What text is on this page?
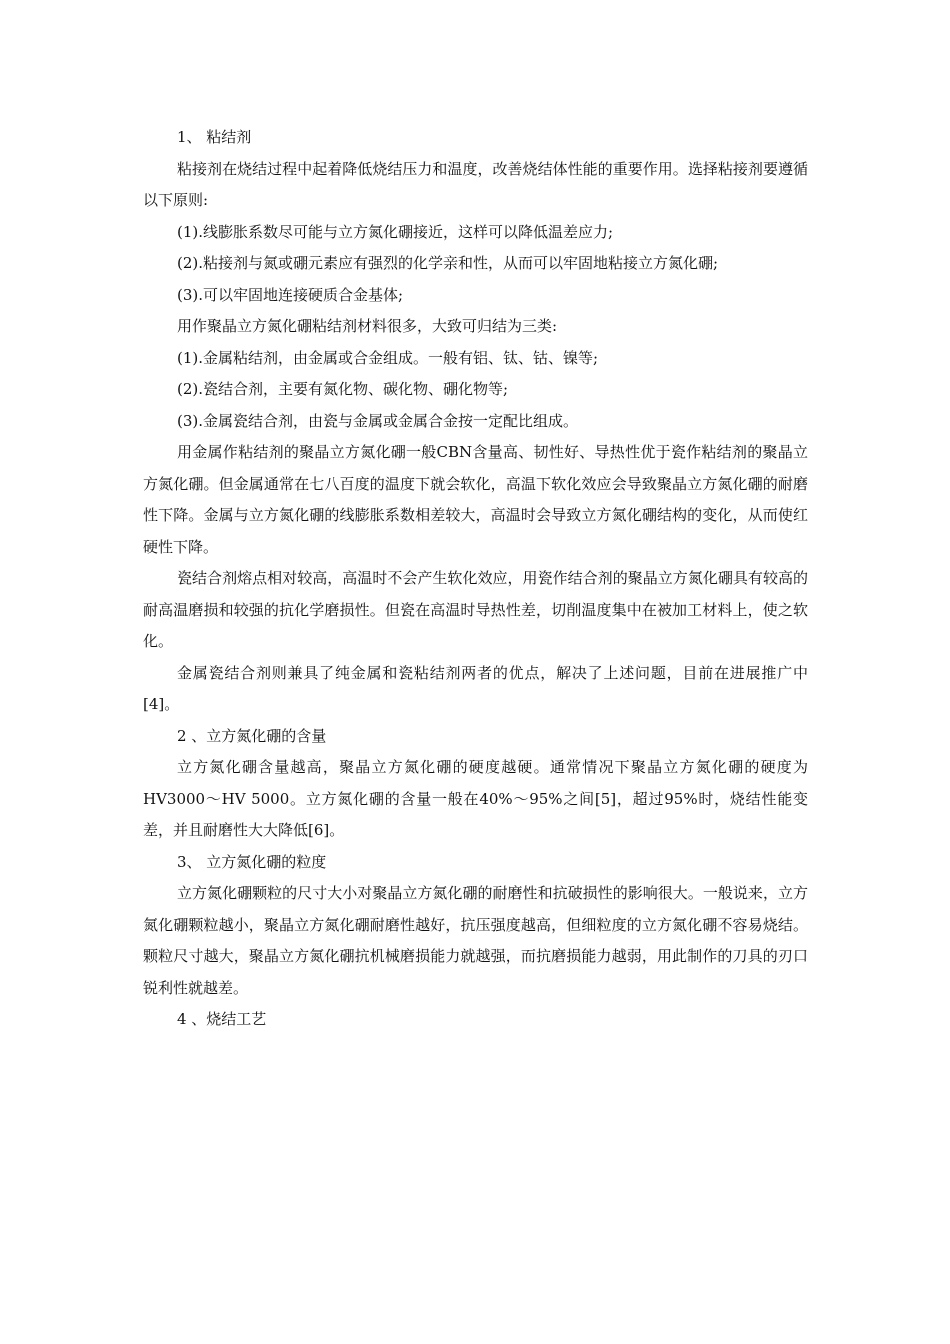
1、 粘结剂

粘接剂在烧结过程中起着降低烧结压力和温度，改善烧结体性能的重要作用。选择粘接剂要遵循以下原则:

(1).线膨胀系数尽可能与立方氮化硼接近，这样可以降低温差应力;

(2).粘接剂与氮或硼元素应有强烈的化学亲和性，从而可以牢固地粘接立方氮化硼;

(3).可以牢固地连接硬质合金基体;

用作聚晶立方氮化硼粘结剂材料很多，大致可归结为三类:

(1).金属粘结剂，由金属或合金组成。一般有铝、钛、钴、镍等;

(2).瓷结合剂，主要有氮化物、碳化物、硼化物等;

(3).金属瓷结合剂，由瓷与金属或金属合金按一定配比组成。

用金属作粘结剂的聚晶立方氮化硼一般CBN含量高、韧性好、导热性优于瓷作粘结剂的聚晶立方氮化硼。但金属通常在七八百度的温度下就会软化，高温下软化效应会导致聚晶立方氮化硼的耐磨性下降。金属与立方氮化硼的线膨胀系数相差较大，高温时会导致立方氮化硼结构的变化，从而使红硬性下降。

瓷结合剂熔点相对较高，高温时不会产生软化效应，用瓷作结合剂的聚晶立方氮化硼具有较高的耐高温磨损和较强的抗化学磨损性。但瓷在高温时导热性差，切削温度集中在被加工材料上，使之软化。

金属瓷结合剂则兼具了纯金属和瓷粘结剂两者的优点，解决了上述问题，目前在进展推广中[4]。

2 、立方氮化硼的含量

立方氮化硼含量越高，聚晶立方氮化硼的硬度越硬。通常情况下聚晶立方氮化硼的硬度为HV3000～HV 5000。立方氮化硼的含量一般在40%～95%之间[5]，超过95%时，烧结性能变差，并且耐磨性大大降低[6]。

3、 立方氮化硼的粒度

立方氮化硼颗粒的尺寸大小对聚晶立方氮化硼的耐磨性和抗破损性的影响很大。一般说来，立方氮化硼颗粒越小，聚晶立方氮化硼耐磨性越好，抗压强度越高，但细粒度的立方氮化硼不容易烧结。颗粒尺寸越大，聚晶立方氮化硼抗机械磨损能力就越强，而抗磨损能力越弱，用此制作的刀具的刃口锐利性就越差。

4 、烧结工艺
